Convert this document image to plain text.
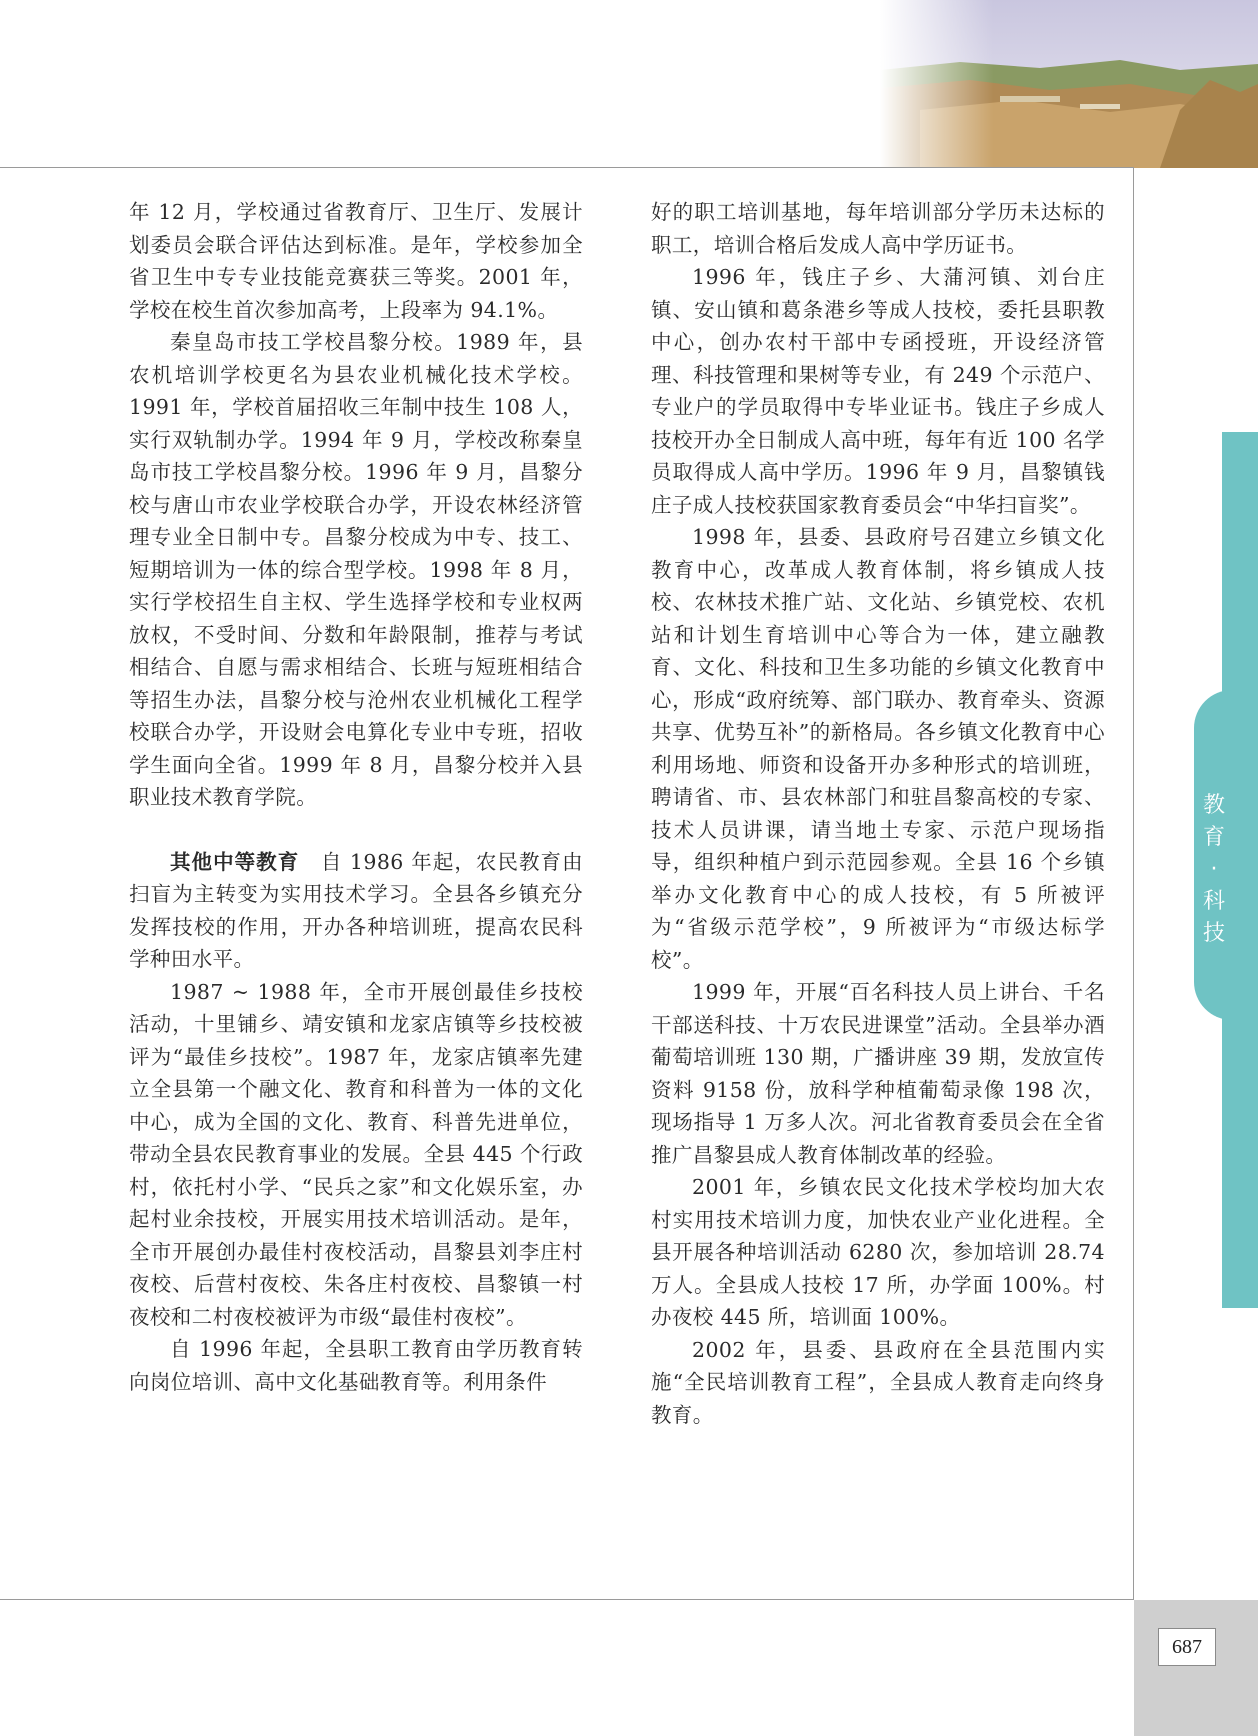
教
育
·
科
技

年 12 月，学校通过省教育厅、卫生厅、发展计划委员会联合评估达到标准。是年，学校参加全省卫生中专专业技能竞赛获三等奖。2001 年，学校在校生首次参加高考，上段率为 94.1%。

秦皇岛市技工学校昌黎分校。1989 年，县农机培训学校更名为县农业机械化技术学校。1991 年，学校首届招收三年制中技生 108 人，实行双轨制办学。1994 年 9 月，学校改称秦皇岛市技工学校昌黎分校。1996 年 9 月，昌黎分校与唐山市农业学校联合办学，开设农林经济管理专业全日制中专。昌黎分校成为中专、技工、短期培训为一体的综合型学校。1998 年 8 月，实行学校招生自主权、学生选择学校和专业权两放权，不受时间、分数和年龄限制，推荐与考试相结合、自愿与需求相结合、长班与短班相结合等招生办法，昌黎分校与沧州农业机械化工程学校联合办学，开设财会电算化专业中专班，招收学生面向全省。1999 年 8 月，昌黎分校并入县职业技术教育学院。

其他中等教育　 自 1986 年起，农民教育由扫盲为主转变为实用技术学习。全县各乡镇充分发挥技校的作用，开办各种培训班，提高农民科学种田水平。

1987 ~ 1988 年，全市开展创最佳乡技校活动，十里铺乡、靖安镇和龙家店镇等乡技校被评为“最佳乡技校”。1987 年，龙家店镇率先建立全县第一个融文化、教育和科普为一体的文化中心，成为全国的文化、教育、科普先进单位，带动全县农民教育事业的发展。全县 445 个行政村，依托村小学、“民兵之家”和文化娱乐室，办起村业余技校，开展实用技术培训活动。是年，全市开展创办最佳村夜校活动，昌黎县刘李庄村夜校、后营村夜校、朱各庄村夜校、昌黎镇一村夜校和二村夜校被评为市级“最佳村夜校”。

自 1996 年起，全县职工教育由学历教育转向岗位培训、高中文化基础教育等。利用条件

好的职工培训基地，每年培训部分学历未达标的职工，培训合格后发成人高中学历证书。

1996 年，钱庄子乡、大蒲河镇、刘台庄镇、安山镇和葛条港乡等成人技校，委托县职教中心，创办农村干部中专函授班，开设经济管理、科技管理和果树等专业，有 249 个示范户、专业户的学员取得中专毕业证书。钱庄子乡成人技校开办全日制成人高中班，每年有近 100 名学员取得成人高中学历。1996 年 9 月，昌黎镇钱庄子成人技校获国家教育委员会“中华扫盲奖”。

1998 年，县委、县政府号召建立乡镇文化教育中心，改革成人教育体制，将乡镇成人技校、农林技术推广站、文化站、乡镇党校、农机站和计划生育培训中心等合为一体，建立融教育、文化、科技和卫生多功能的乡镇文化教育中心，形成“政府统筹、部门联办、教育牵头、资源共享、优势互补”的新格局。各乡镇文化教育中心利用场地、师资和设备开办多种形式的培训班，聘请省、市、县农林部门和驻昌黎高校的专家、技术人员讲课，请当地土专家、示范户现场指导，组织种植户到示范园参观。全县 16 个乡镇举办文化教育中心的成人技校，有 5 所被评为“省级示范学校”，9 所被评为“市级达标学校”。

1999 年，开展“百名科技人员上讲台、千名干部送科技、十万农民进课堂”活动。全县举办酒葡萄培训班 130 期，广播讲座 39 期，发放宣传资料 9158 份，放科学种植葡萄录像 198 次，现场指导 1 万多人次。河北省教育委员会在全省推广昌黎县成人教育体制改革的经验。

2001 年，乡镇农民文化技术学校均加大农村实用技术培训力度，加快农业产业化进程。全县开展各种培训活动 6280 次，参加培训 28.74 万人。全县成人技校 17 所，办学面 100%。村办夜校 445 所，培训面 100%。

2002 年，县委、县政府在全县范围内实施“全民培训教育工程”，全县成人教育走向终身教育。

687
